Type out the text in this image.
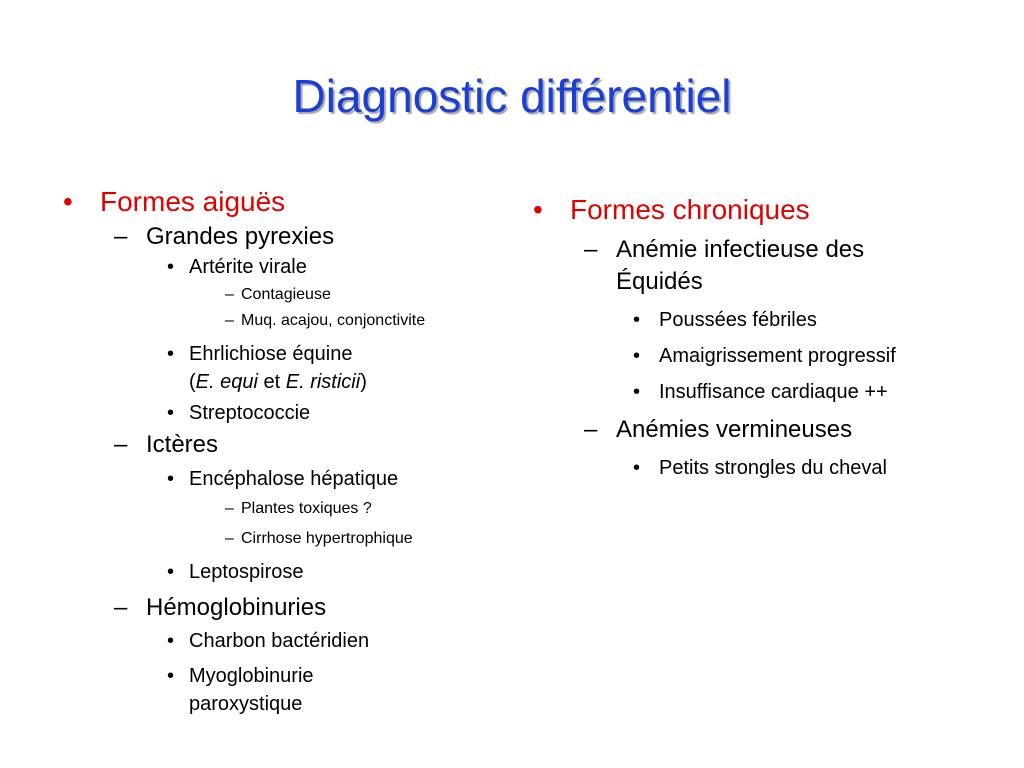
Diagnostic différentiel
• Formes aiguës
– Grandes pyrexies
• Artérite virale
– Contagieuse
– Muq. acajou, conjonctivite
• Ehrlichiose équine
(E. equi et E. risticii)
• Streptococcie
– Ictères
• Encéphalose hépatique
– Plantes toxiques ?
– Cirrhose hypertrophique
• Leptospirose
– Hémoglobinuries
• Charbon bactéridien
• Myoglobinurie
paroxystique
• Formes chroniques
– Anémie infectieuse des
Équidés
• Poussées fébriles
• Amaigrissement progressif
• Insuffisance cardiaque ++
– Anémies vermineuses
• Petits strongles du cheval
